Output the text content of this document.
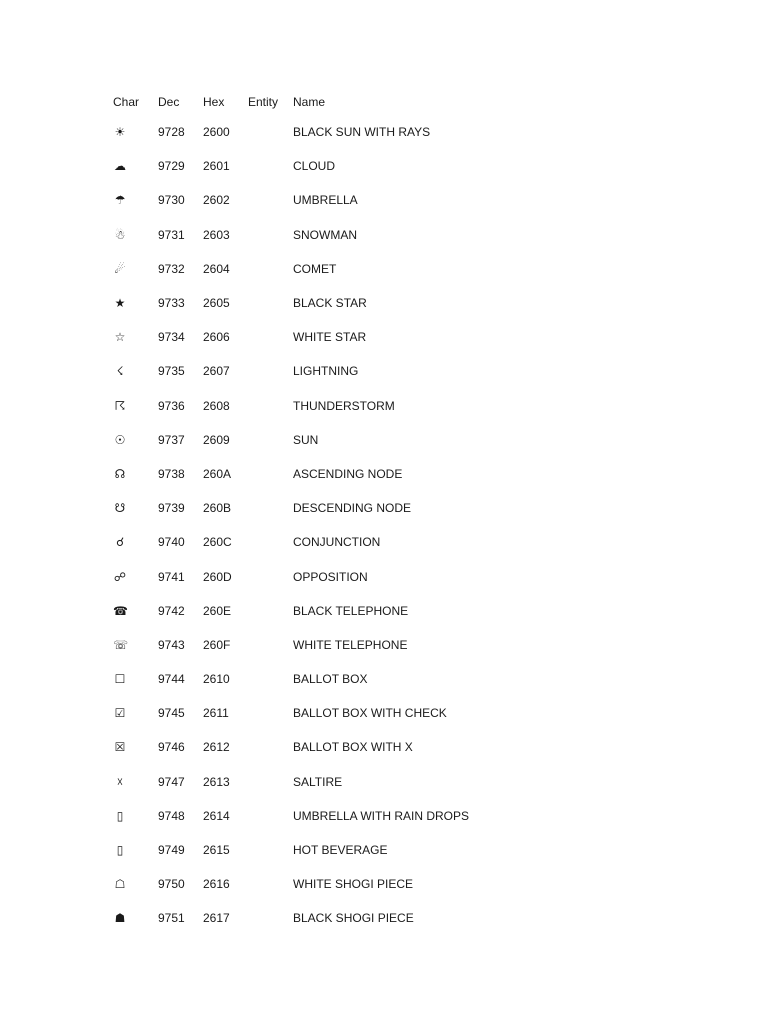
Char	Dec	Hex	Entity	Name
☀	9728	2600		BLACK SUN WITH RAYS
☁	9729	2601		CLOUD
☂	9730	2602		UMBRELLA
☃	9731	2603		SNOWMAN
☄	9732	2604		COMET
★	9733	2605		BLACK STAR
☆	9734	2606		WHITE STAR
☇	9735	2607		LIGHTNING
☈	9736	2608		THUNDERSTORM
☉	9737	2609		SUN
☊	9738	260A		ASCENDING NODE
☋	9739	260B		DESCENDING NODE
☌	9740	260C		CONJUNCTION
☍	9741	260D		OPPOSITION
☎	9742	260E		BLACK TELEPHONE
☏	9743	260F		WHITE TELEPHONE
☐	9744	2610		BALLOT BOX
☑	9745	2611		BALLOT BOX WITH CHECK
☒	9746	2612		BALLOT BOX WITH X
☓	9747	2613		SALTIRE
▯	9748	2614		UMBRELLA WITH RAIN DROPS
▯	9749	2615		HOT BEVERAGE
☖	9750	2616		WHITE SHOGI PIECE
☗	9751	2617		BLACK SHOGI PIECE
